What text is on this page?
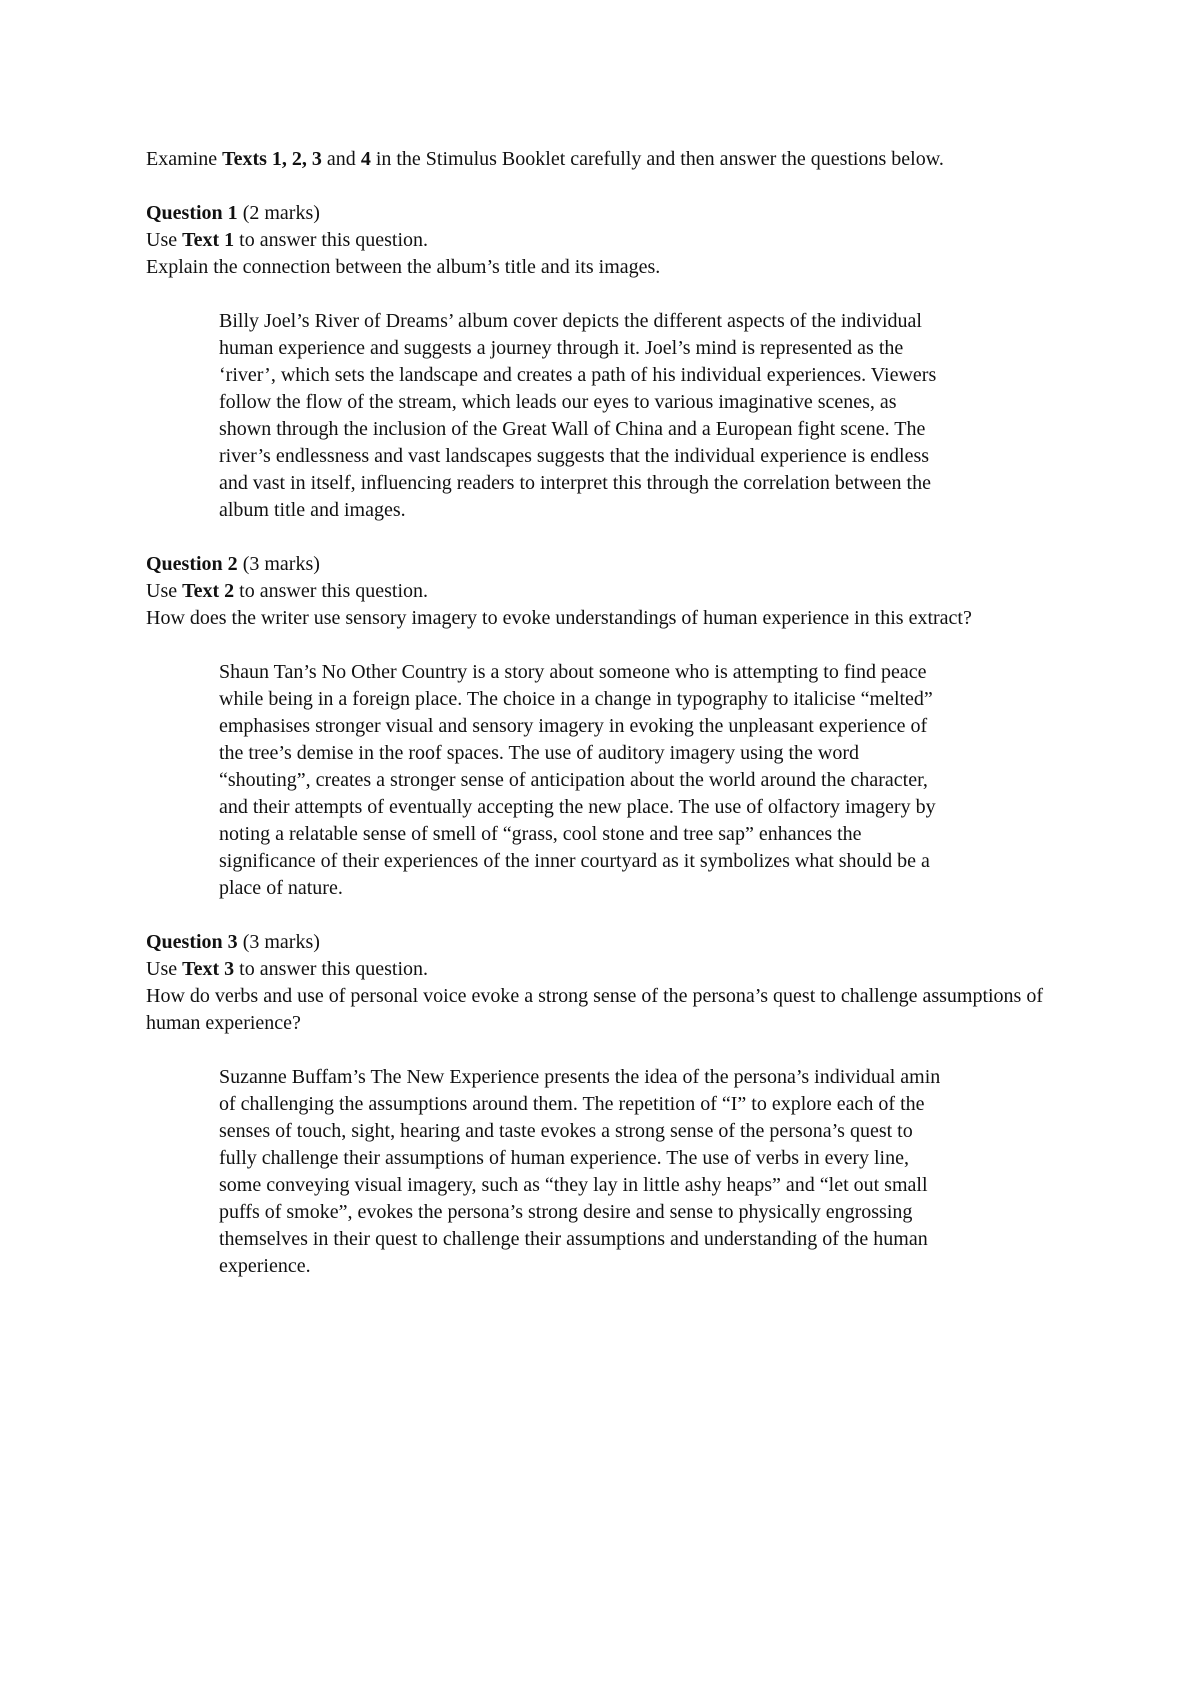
Examine Texts 1, 2, 3 and 4 in the Stimulus Booklet carefully and then answer the questions below.

Question 1 (2 marks)

Use Text 1 to answer this question.

Explain the connection between the album’s title and its images.

Billy Joel’s River of Dreams’ album cover depicts the different aspects of the individual
human experience and suggests a journey through it. Joel’s mind is represented as the
‘river’, which sets the landscape and creates a path of his individual experiences. Viewers
follow the flow of the stream, which leads our eyes to various imaginative scenes, as
shown through the inclusion of the Great Wall of China and a European fight scene. The
river’s endlessness and vast landscapes suggests that the individual experience is endless
and vast in itself, influencing readers to interpret this through the correlation between the
album title and images.

Question 2 (3 marks)

Use Text 2 to answer this question.

How does the writer use sensory imagery to evoke understandings of human experience in this extract?

Shaun Tan’s No Other Country is a story about someone who is attempting to find peace
while being in a foreign place. The choice in a change in typography to italicise “melted”
emphasises stronger visual and sensory imagery in evoking the unpleasant experience of
the tree’s demise in the roof spaces. The use of auditory imagery using the word
“shouting”, creates a stronger sense of anticipation about the world around the character,
and their attempts of eventually accepting the new place. The use of olfactory imagery by
noting a relatable sense of smell of “grass, cool stone and tree sap” enhances the
significance of their experiences of the inner courtyard as it symbolizes what should be a
place of nature.

Question 3 (3 marks)

Use Text 3 to answer this question.

How do verbs and use of personal voice evoke a strong sense of the persona’s quest to challenge assumptions of human experience?

Suzanne Buffam’s The New Experience presents the idea of the persona’s individual amin
of challenging the assumptions around them. The repetition of “I” to explore each of the
senses of touch, sight, hearing and taste evokes a strong sense of the persona’s quest to
fully challenge their assumptions of human experience. The use of verbs in every line,
some conveying visual imagery, such as “they lay in little ashy heaps” and “let out small
puffs of smoke”, evokes the persona’s strong desire and sense to physically engrossing
themselves in their quest to challenge their assumptions and understanding of the human
experience.
